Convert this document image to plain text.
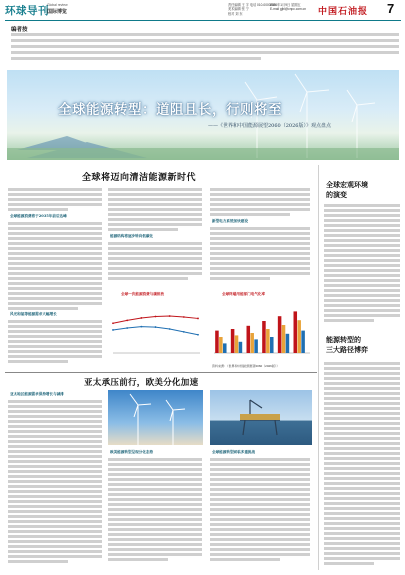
环球导刊
Global review
国际博览
责任编辑 王 宇 电话 010-0000000
美术编辑 张 宁
校对 刘 东
2026年1月9日 星期五
E-mail gjbl@cnpc.com.cn 中国石油报 7
编者按
全球能源转型：道阻且长，行则将至
——《世界和中国能源展望2060（2026版）》观点盘点
全球将迈向清洁能源新时代
全球能源消费将于2035年前后达峰
风光和氢等能源需求大幅增长
能源结构将逐步转向低碳化
新型电力系统加快建设
全球一次能源消费与碳排放	全球终端用能部门电气化率
资料来源：《世界和中国能源展望2060（2026版）》
全球宏观环境
的演变
能源转型的
三大路径博弈
亚太承压前行，欧美分化加速
亚太地区能源需求保持增长与减排
欧美能源转型呈现分化态势	全球能源转型面临多重挑战
